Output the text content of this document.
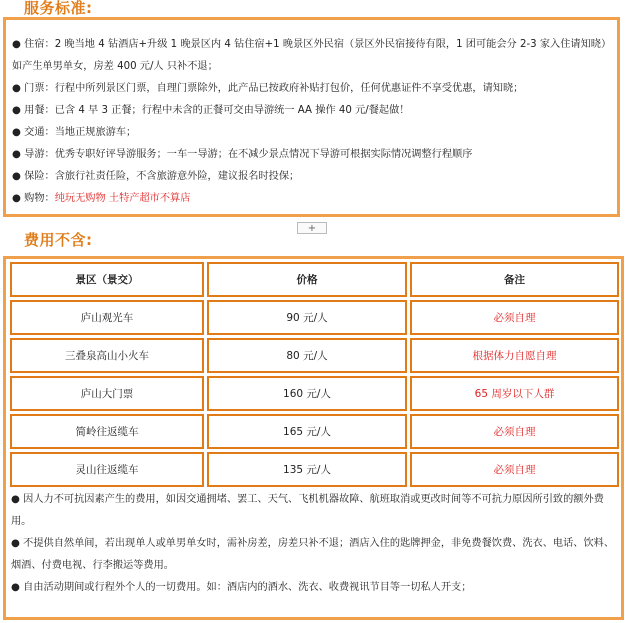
服务标准:
● 住宿：2 晚当地 4 钻酒店+升级 1 晚景区内 4 钻住宿+1 晚景区外民宿（景区外民宿接待有限，1 团可能会分 2-3 家入住请知晓）如产生单男单女，房差 400 元/人 只补不退；
● 门票：行程中所列景区门票，自理门票除外，此产品已按政府补贴打包价，任何优惠证件不享受优惠，请知晓；
● 用餐：已含 4 早 3 正餐；行程中未含的正餐可交由导游统一 AA 操作 40 元/餐起做！
● 交通：当地正规旅游车；
● 导游：优秀专职好评导游服务；一车一导游；在不减少景点情况下导游可根据实际情况调整行程顺序
● 保险：含旅行社责任险，不含旅游意外险，建议报名时投保；
● 购物：纯玩无购物 土特产超市不算店
+
费用不含:
景区（景交）	价格	备注
庐山观光车	90 元/人	必须自理
三叠泉高山小火车	80 元/人	根据体力自愿自理
庐山大门票	160 元/人	65 周岁以下人群
简岭往返缆车	165 元/人	必须自理
灵山往返缆车	135 元/人	必须自理
● 因人力不可抗因素产生的费用，如因交通拥堵、罢工、天气、飞机机器故障、航班取消或更改时间等不可抗力原因所引致的额外费用。
● 不提供自然单间，若出现单人或单男单女时，需补房差，房差只补不退；酒店入住的匙牌押金，非免费餐饮费、洗衣、电话、饮料、烟酒、付费电视、行李搬运等费用。
● 自由活动期间或行程外个人的一切费用。如：酒店内的酒水、洗衣、收费视讯节目等一切私人开支；
